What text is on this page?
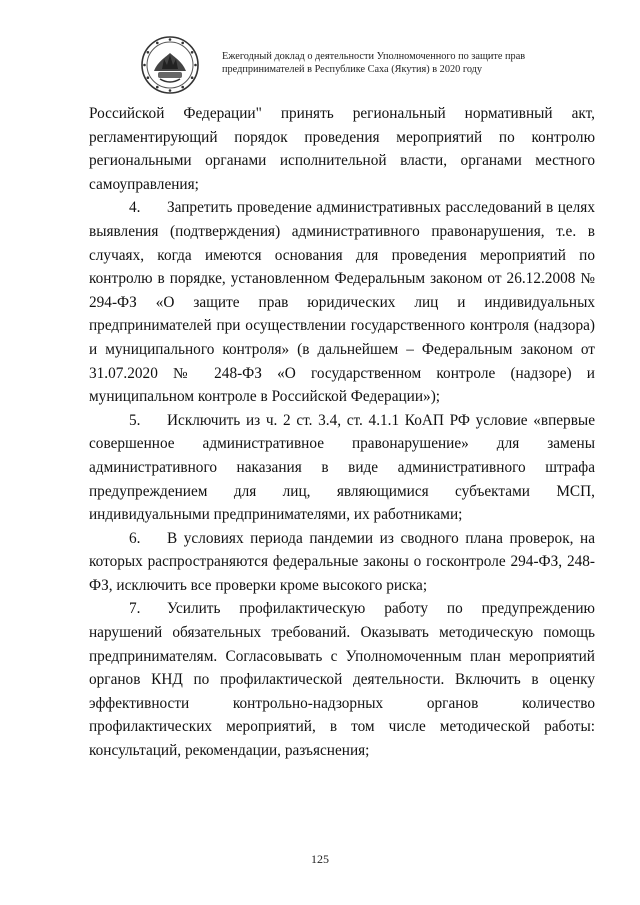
Ежегодный доклад о деятельности Уполномоченного по защите прав
предпринимателей в Республике Саха (Якутия) в 2020 году

Российской Федерации" принять региональный нормативный акт, регламентирующий порядок проведения мероприятий по контролю региональными органами исполнительной власти, органами местного самоуправления;

4. Запретить проведение административных расследований в целях выявления (подтверждения) административного правонарушения, т.е. в случаях, когда имеются основания для проведения мероприятий по контролю в порядке, установленном Федеральным законом от 26.12.2008 № 294-ФЗ «О защите прав юридических лиц и индивидуальных предпринимателей при осуществлении государственного контроля (надзора) и муниципального контроля» (в дальнейшем – Федеральным законом от 31.07.2020 № 248-ФЗ «О государственном контроле (надзоре) и муниципальном контроле в Российской Федерации»);

5. Исключить из ч. 2 ст. 3.4, ст. 4.1.1 КоАП РФ условие «впервые совершенное административное правонарушение» для замены административного наказания в виде административного штрафа предупреждением для лиц, являющимися субъектами МСП, индивидуальными предпринимателями, их работниками;

6. В условиях периода пандемии из сводного плана проверок, на которых распространяются федеральные законы о госконтроле 294-ФЗ, 248-ФЗ, исключить все проверки кроме высокого риска;

7. Усилить профилактическую работу по предупреждению нарушений обязательных требований. Оказывать методическую помощь предпринимателям. Согласовывать с Уполномоченным план мероприятий органов КНД по профилактической деятельности. Включить в оценку эффективности контрольно-надзорных органов количество профилактических мероприятий, в том числе методической работы: консультаций, рекомендации, разъяснения;

125
